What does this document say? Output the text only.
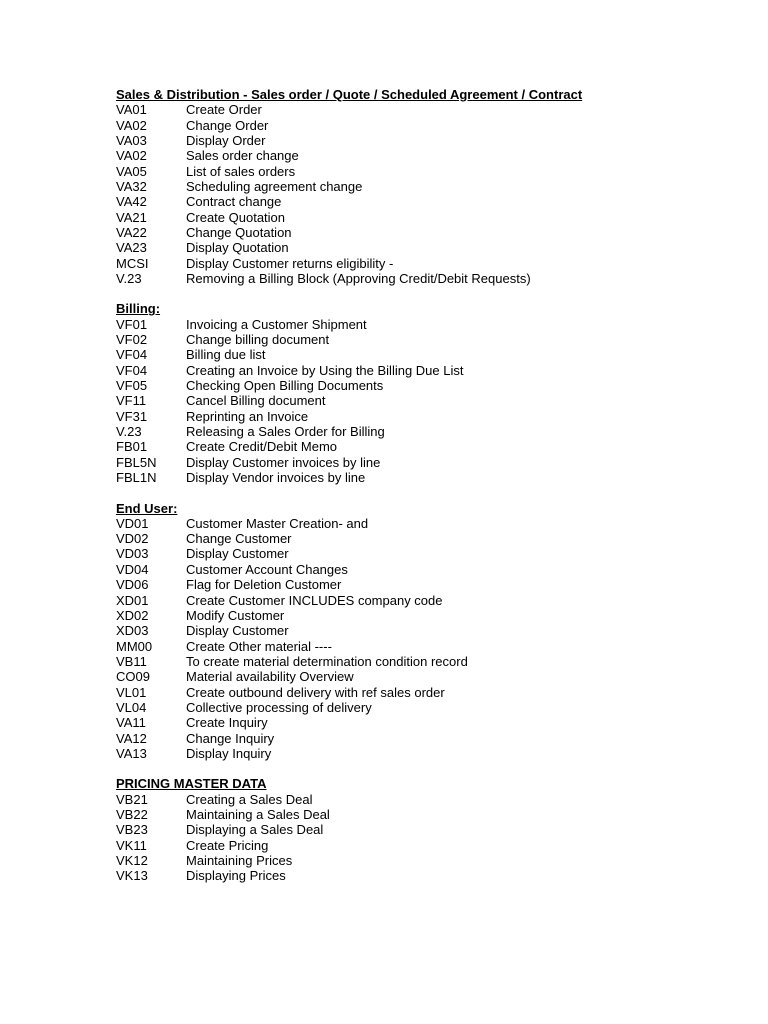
Sales & Distribution - Sales order / Quote / Scheduled Agreement / Contract
VA01	Create Order
VA02	Change Order
VA03	Display Order
VA02	Sales order change
VA05	List of sales orders
VA32	Scheduling agreement change
VA42	Contract change
VA21	Create Quotation
VA22	Change Quotation
VA23	Display Quotation
MCSI	Display Customer returns eligibility -
V.23	Removing a Billing Block (Approving Credit/Debit Requests)
Billing:
VF01	Invoicing a Customer Shipment
VF02	Change billing document
VF04	Billing due list
VF04	Creating an Invoice by Using the Billing Due List
VF05	Checking Open Billing Documents
VF11	Cancel Billing document
VF31	Reprinting an Invoice
V.23	Releasing a Sales Order for Billing
FB01	Create Credit/Debit Memo
FBL5N	Display Customer invoices by line
FBL1N	Display Vendor invoices by line
End User:
VD01	Customer Master Creation- and
VD02	Change Customer
VD03	Display Customer
VD04	Customer Account Changes
VD06	Flag for Deletion Customer
XD01	Create Customer INCLUDES company code
XD02	Modify Customer
XD03	Display Customer
MM00	Create Other material ----
VB11	To create material determination condition record
CO09	Material availability Overview
VL01	Create outbound delivery with ref sales order
VL04	Collective processing of delivery
VA11	Create Inquiry
VA12	Change Inquiry
VA13	Display Inquiry
PRICING MASTER DATA
VB21	Creating a Sales Deal
VB22	Maintaining a Sales Deal
VB23	Displaying a Sales Deal
VK11	Create Pricing
VK12	Maintaining Prices
VK13	Displaying Prices
